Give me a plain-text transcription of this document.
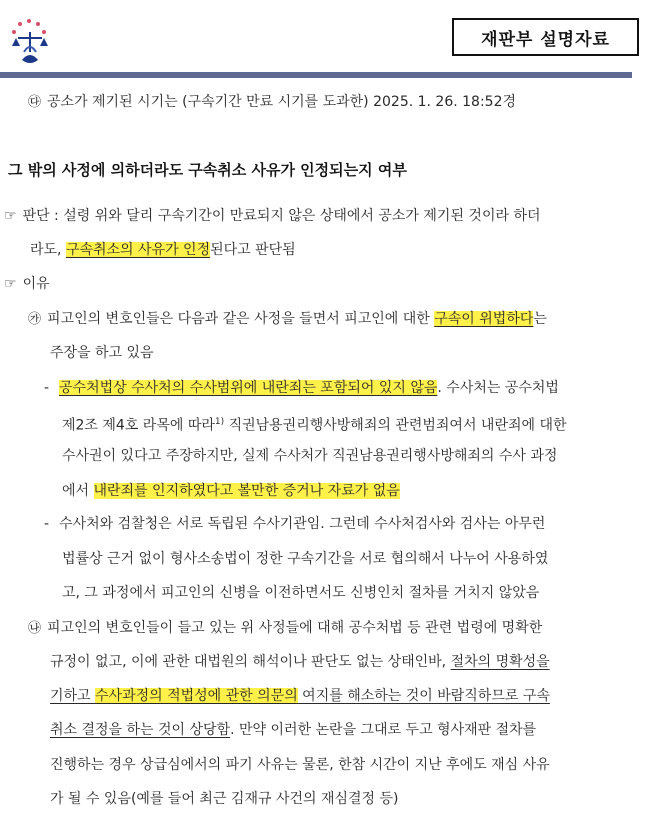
재판부 설명자료
㉰ 공소가 제기된 시기는 (구속기간 만료 시기를 도과한) 2025. 1. 26. 18:52경
그 밖의 사정에 의하더라도 구속취소 사유가 인정되는지 여부
☞ 판단 : 설령 위와 달리 구속기간이 만료되지 않은 상태에서 공소가 제기된 것이라 하더
라도, 구속취소의 사유가 인정된다고 판단됨
☞ 이유
㉮ 피고인의 변호인들은 다음과 같은 사정을 들면서 피고인에 대한 구속이 위법하다는
주장을 하고 있음
- 공수처법상 수사처의 수사범위에 내란죄는 포함되어 있지 않음. 수사처는 공수처법
제2조 제4호 라목에 따라$^{1)}$ 직권남용권리행사방해죄의 관련범죄여서 내란죄에 대한
수사권이 있다고 주장하지만, 실제 수사처가 직권남용권리행사방해죄의 수사 과정
에서 내란죄를 인지하였다고 볼만한 증거나 자료가 없음
- 수사처와 검찰청은 서로 독립된 수사기관임. 그런데 수사처검사와 검사는 아무런
법률상 근거 없이 형사소송법이 정한 구속기간을 서로 협의해서 나누어 사용하였
고, 그 과정에서 피고인의 신병을 이전하면서도 신병인치 절차를 거치지 않았음
㉯ 피고인의 변호인들이 들고 있는 위 사정들에 대해 공수처법 등 관련 법령에 명확한
규정이 없고, 이에 관한 대법원의 해석이나 판단도 없는 상태인바, 절차의 명확성을
기하고 수사과정의 적법성에 관한 의문의 여지를 해소하는 것이 바람직하므로 구속
취소 결정을 하는 것이 상당함. 만약 이러한 논란을 그대로 두고 형사재판 절차를
진행하는 경우 상급심에서의 파기 사유는 물론, 한참 시간이 지난 후에도 재심 사유
가 될 수 있음(예를 들어 최근 김재규 사건의 재심결정 등)
